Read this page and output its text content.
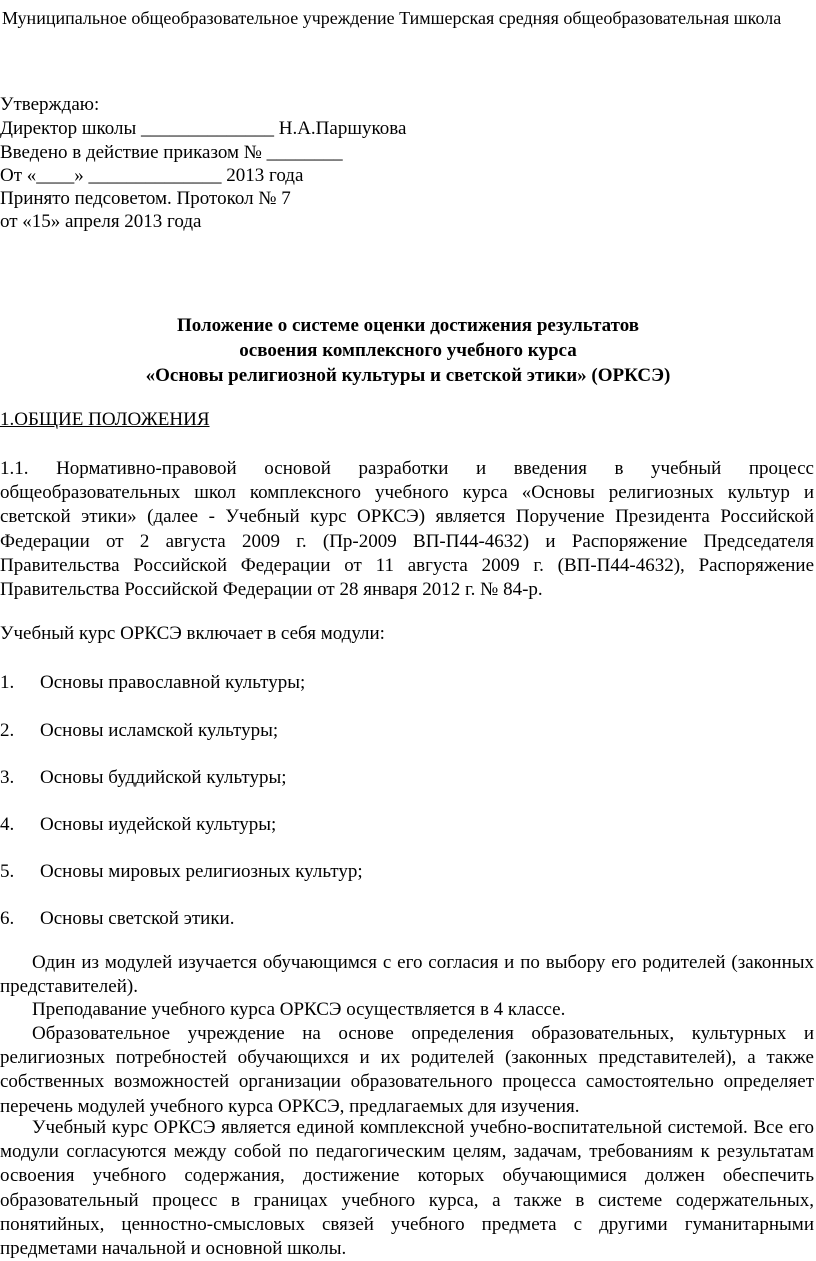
Муниципальное общеобразовательное учреждение Тимшерская средняя общеобразовательная школа
Утверждаю:
Директор школы ______________ Н.А.Паршукова
Введено в действие приказом № ________
От «____» ______________ 2013 года
Принято педсоветом. Протокол № 7
от «15» апреля 2013 года
Положение о системе оценки достижения результатов
освоения комплексного учебного курса
«Основы религиозной культуры и светской этики» (ОРКСЭ)
1.ОБЩИЕ ПОЛОЖЕНИЯ
1.1. Нормативно-правовой основой разработки и введения в учебный процесс общеобразовательных школ комплексного учебного курса «Основы религиозных культур и светской этики» (далее - Учебный курс ОРКСЭ) является Поручение Президента Российской Федерации от 2 августа 2009 г. (Пр-2009 ВП-П44-4632) и Распоряжение Председателя Правительства Российской Федерации от 11 августа 2009 г. (ВП-П44-4632), Распоряжение Правительства Российской Федерации от 28 января 2012 г. № 84-р.
Учебный курс ОРКСЭ включает в себя модули:
1. Основы православной культуры;
2. Основы исламской культуры;
3. Основы буддийской культуры;
4. Основы иудейской культуры;
5. Основы мировых религиозных культур;
6. Основы светской этики.
Один из модулей изучается обучающимся с его согласия и по выбору его родителей (законных представителей).
Преподавание учебного курса ОРКСЭ осуществляется в 4 классе.
Образовательное учреждение на основе определения образовательных, культурных и религиозных потребностей обучающихся и их родителей (законных представителей), а также собственных возможностей организации образовательного процесса самостоятельно определяет перечень модулей учебного курса ОРКСЭ, предлагаемых для изучения.
Учебный курс ОРКСЭ является единой комплексной учебно-воспитательной системой. Все его модули согласуются между собой по педагогическим целям, задачам, требованиям к результатам освоения учебного содержания, достижение которых обучающимися должен обеспечить образовательный процесс в границах учебного курса, а также в системе содержательных, понятийных, ценностно-смысловых связей учебного предмета с другими гуманитарными предметами начальной и основной школы.
